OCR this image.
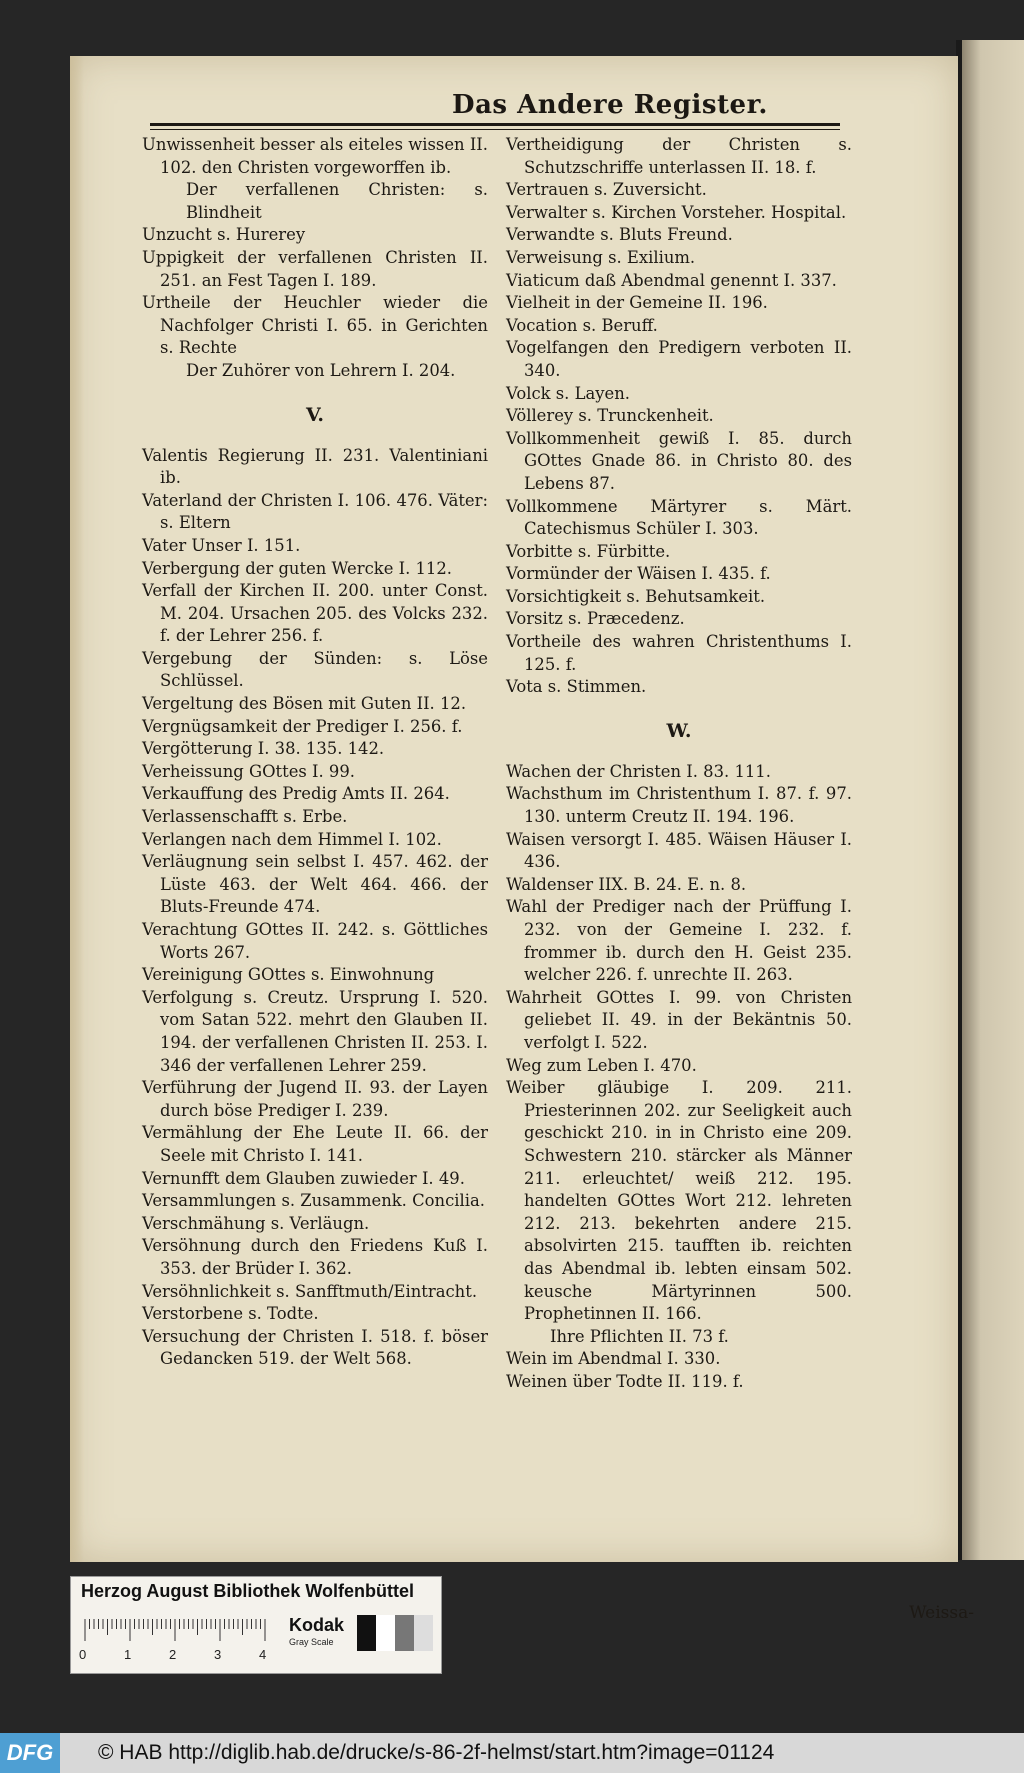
Das Andere Register.

Unwissenheit besser als eiteles wissen II. 102. den Christen vorgeworffen ib.

Der verfallenen Christen: s. Blindheit

Unzucht s. Hurerey

Uppigkeit der verfallenen Christen II. 251. an Fest Tagen I. 189.

Urtheile der Heuchler wieder die Nachfolger Christi I. 65. in Gerichten s. Rechte

Der Zuhörer von Lehrern I. 204.

V.

Valentis Regierung II. 231. Valentiniani ib.

Vaterland der Christen I. 106. 476. Väter: s. Eltern

Vater Unser I. 151.

Verbergung der guten Wercke I. 112.

Verfall der Kirchen II. 200. unter Const. M. 204. Ursachen 205. des Volcks 232. f. der Lehrer 256. f.

Vergebung der Sünden: s. Löse Schlüssel.

Vergeltung des Bösen mit Guten II. 12.

Vergnügsamkeit der Prediger I. 256. f.

Vergötterung I. 38. 135. 142.

Verheissung GOttes I. 99.

Verkauffung des Predig Amts II. 264.

Verlassenschafft s. Erbe.

Verlangen nach dem Himmel I. 102.

Verläugnung sein selbst I. 457. 462. der Lüste 463. der Welt 464. 466. der Bluts-Freunde 474.

Verachtung GOttes II. 242. s. Göttliches Worts 267.

Vereinigung GOttes s. Einwohnung

Verfolgung s. Creutz. Ursprung I. 520. vom Satan 522. mehrt den Glauben II. 194. der verfallenen Christen II. 253. I. 346 der verfallenen Lehrer 259.

Verführung der Jugend II. 93. der Layen durch böse Prediger I. 239.

Vermählung der Ehe Leute II. 66. der Seele mit Christo I. 141.

Vernunfft dem Glauben zuwieder I. 49.

Versammlungen s. Zusammenk. Concilia.

Verschmähung s. Verläugn.

Versöhnung durch den Friedens Kuß I. 353. der Brüder I. 362.

Versöhnlichkeit s. Sanfftmuth/Eintracht.

Verstorbene s. Todte.

Versuchung der Christen I. 518. f. böser Gedancken 519. der Welt 568.

Vertheidigung der Christen s. Schutzschriffe unterlassen II. 18. f.

Vertrauen s. Zuversicht.

Verwalter s. Kirchen Vorsteher. Hospital.

Verwandte s. Bluts Freund.

Verweisung s. Exilium.

Viaticum daß Abendmal genennt I. 337.

Vielheit in der Gemeine II. 196.

Vocation s. Beruff.

Vogelfangen den Predigern verboten II. 340.

Volck s. Layen.

Völlerey s. Trunckenheit.

Vollkommenheit gewiß I. 85. durch GOttes Gnade 86. in Christo 80. des Lebens 87.

Vollkommene Märtyrer s. Märt. Catechismus Schüler I. 303.

Vorbitte s. Fürbitte.

Vormünder der Wäisen I. 435. f.

Vorsichtigkeit s. Behutsamkeit.

Vorsitz s. Præcedenz.

Vortheile des wahren Christenthums I. 125. f.

Vota s. Stimmen.

W.

Wachen der Christen I. 83. 111.

Wachsthum im Christenthum I. 87. f. 97. 130. unterm Creutz II. 194. 196.

Waisen versorgt I. 485. Wäisen Häuser I. 436.

Waldenser IIX. B. 24. E. n. 8.

Wahl der Prediger nach der Prüffung I. 232. von der Gemeine I. 232. f. frommer ib. durch den H. Geist 235. welcher 226. f. unrechte II. 263.

Wahrheit GOttes I. 99. von Christen geliebet II. 49. in der Bekäntnis 50. verfolgt I. 522.

Weg zum Leben I. 470.

Weiber gläubige I. 209. 211. Priesterinnen 202. zur Seeligkeit auch geschickt 210. in in Christo eine 209. Schwestern 210. stärcker als Männer 211. erleuchtet/ weiß 212. 195. handelten GOttes Wort 212. lehreten 212. 213. bekehrten andere 215. absolvirten 215. taufften ib. reichten das Abendmal ib. lebten einsam 502. keusche Märtyrinnen 500. Prophetinnen II. 166.

Ihre Pflichten II. 73 f.

Wein im Abendmal I. 330.

Weinen über Todte II. 119. f.

Weissa-
Herzog August Bibliothek Wolfenbüttel
0	1	2	3	4
Kodak
Gray Scale
DFG	© HAB http://diglib.hab.de/drucke/s-86-2f-helmst/start.htm?image=01124
